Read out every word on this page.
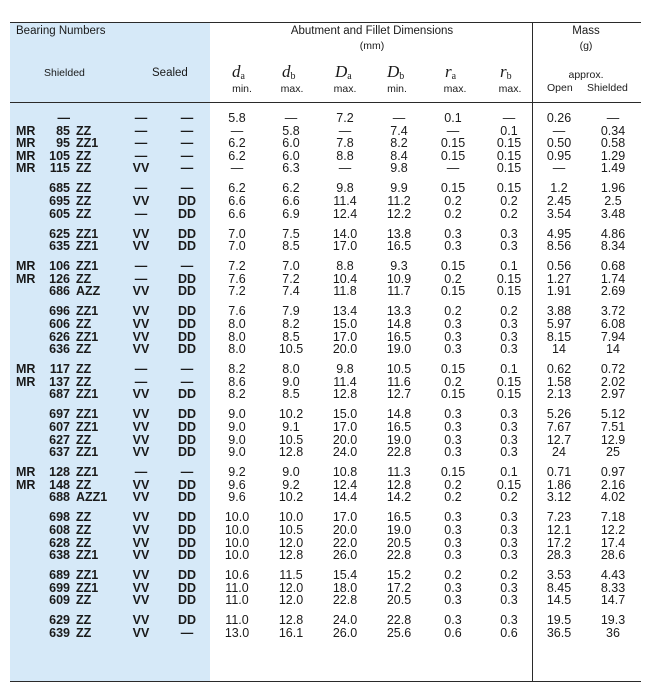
Bearing Numbers
Shielded	Sealed
Abutment and Fillet Dimensions
(mm)
Mass
(g)
approx.
Open Shielded
$d_a$
min.
$d_b$
max.
$D_a$
max.
$D_b$
min.
$r_a$
max.
$r_b$
max.
—	—	—	5.8	—	7.2	—	0.1	—	0.26	—
MR	85 ZZ	—	—	—	5.8	—	7.4	—	0.1	—	0.34
MR	95 ZZ1	—	—	6.2	6.0	7.8	8.2	0.15	0.15	0.50	0.58
MR	105 ZZ	—	—	6.2	6.0	8.8	8.4	0.15	0.15	0.95	1.29
MR	115 ZZ	VV	—	—	6.3	—	9.8	—	0.15	—	1.49
685 ZZ	—	—	6.2	6.2	9.8	9.9	0.15	0.15	1.2	1.96
695 ZZ	VV	DD	6.6	6.6	11.4	11.2	0.2	0.2	2.45	2.5
605 ZZ	—	DD	6.6	6.9	12.4	12.2	0.2	0.2	3.54	3.48
625 ZZ1	VV	DD	7.0	7.5	14.0	13.8	0.3	0.3	4.95	4.86
635 ZZ1	VV	DD	7.0	8.5	17.0	16.5	0.3	0.3	8.56	8.34
MR	106 ZZ1	—	—	7.2	7.0	8.8	9.3	0.15	0.1	0.56	0.68
MR	126 ZZ	—	DD	7.6	7.2	10.4	10.9	0.2	0.15	1.27	1.74
686 AZZ	VV	DD	7.2	7.4	11.8	11.7	0.15	0.15	1.91	2.69
696 ZZ1	VV	DD	7.6	7.9	13.4	13.3	0.2	0.2	3.88	3.72
606 ZZ	VV	DD	8.0	8.2	15.0	14.8	0.3	0.3	5.97	6.08
626 ZZ1	VV	DD	8.0	8.5	17.0	16.5	0.3	0.3	8.15	7.94
636 ZZ	VV	DD	8.0	10.5	20.0	19.0	0.3	0.3	14	14
MR	117 ZZ	—	—	8.2	8.0	9.8	10.5	0.15	0.1	0.62	0.72
MR	137 ZZ	—	—	8.6	9.0	11.4	11.6	0.2	0.15	1.58	2.02
687 ZZ1	VV	DD	8.2	8.5	12.8	12.7	0.15	0.15	2.13	2.97
697 ZZ1	VV	DD	9.0	10.2	15.0	14.8	0.3	0.3	5.26	5.12
607 ZZ1	VV	DD	9.0	9.1	17.0	16.5	0.3	0.3	7.67	7.51
627 ZZ	VV	DD	9.0	10.5	20.0	19.0	0.3	0.3	12.7	12.9
637 ZZ1	VV	DD	9.0	12.8	24.0	22.8	0.3	0.3	24	25
MR	128 ZZ1	—	—	9.2	9.0	10.8	11.3	0.15	0.1	0.71	0.97
MR	148 ZZ	VV	DD	9.6	9.2	12.4	12.8	0.2	0.15	1.86	2.16
688 AZZ1	VV	DD	9.6	10.2	14.4	14.2	0.2	0.2	3.12	4.02
698 ZZ	VV	DD	10.0	10.0	17.0	16.5	0.3	0.3	7.23	7.18
608 ZZ	VV	DD	10.0	10.5	20.0	19.0	0.3	0.3	12.1	12.2
628 ZZ	VV	DD	10.0	12.0	22.0	20.5	0.3	0.3	17.2	17.4
638 ZZ1	VV	DD	10.0	12.8	26.0	22.8	0.3	0.3	28.3	28.6
689 ZZ1	VV	DD	10.6	11.5	15.4	15.2	0.2	0.2	3.53	4.43
699 ZZ1	VV	DD	11.0	12.0	18.0	17.2	0.3	0.3	8.45	8.33
609 ZZ	VV	DD	11.0	12.0	22.8	20.5	0.3	0.3	14.5	14.7
629 ZZ	VV	DD	11.0	12.8	24.0	22.8	0.3	0.3	19.5	19.3
639 ZZ	VV	—	13.0	16.1	26.0	25.6	0.6	0.6	36.5	36
